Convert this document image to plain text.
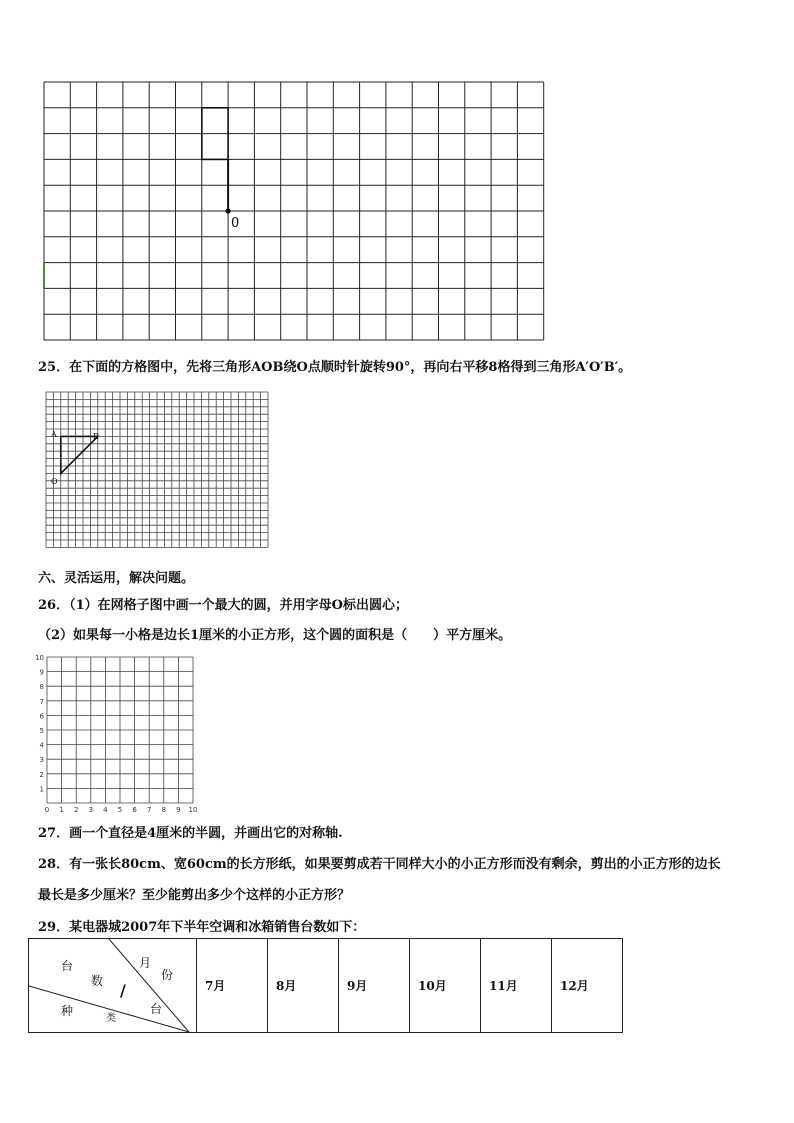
0
25．在下面的方格图中，先将三角形AOB绕O点顺时针旋转90°，再向右平移8格得到三角形A′O′B′。
A	B
O
六、灵活运用，解决问题。
26．（1）在网格子图中画一个最大的圆，并用字母O标出圆心；
（2）如果每一小格是边长1厘米的小正方形，这个圆的面积是（　　）平方厘米。
0 1
1
2
2
3
3
4
4
5
5
6
6
7
7
8
8
9
9
10
10
27．画一个直径是4厘米的半圆，并画出它的对称轴.
28．有一张长80cm、宽60cm的长方形纸，如果要剪成若干同样大小的小正方形而没有剩余，剪出的小正方形的边长
最长是多少厘米？至少能剪出多少个这样的小正方形？
29．某电器城2007年下半年空调和冰箱销售台数如下：
台
数
月
份
/
台
种
类
	7月	8月	9月	10月	11月	12月
